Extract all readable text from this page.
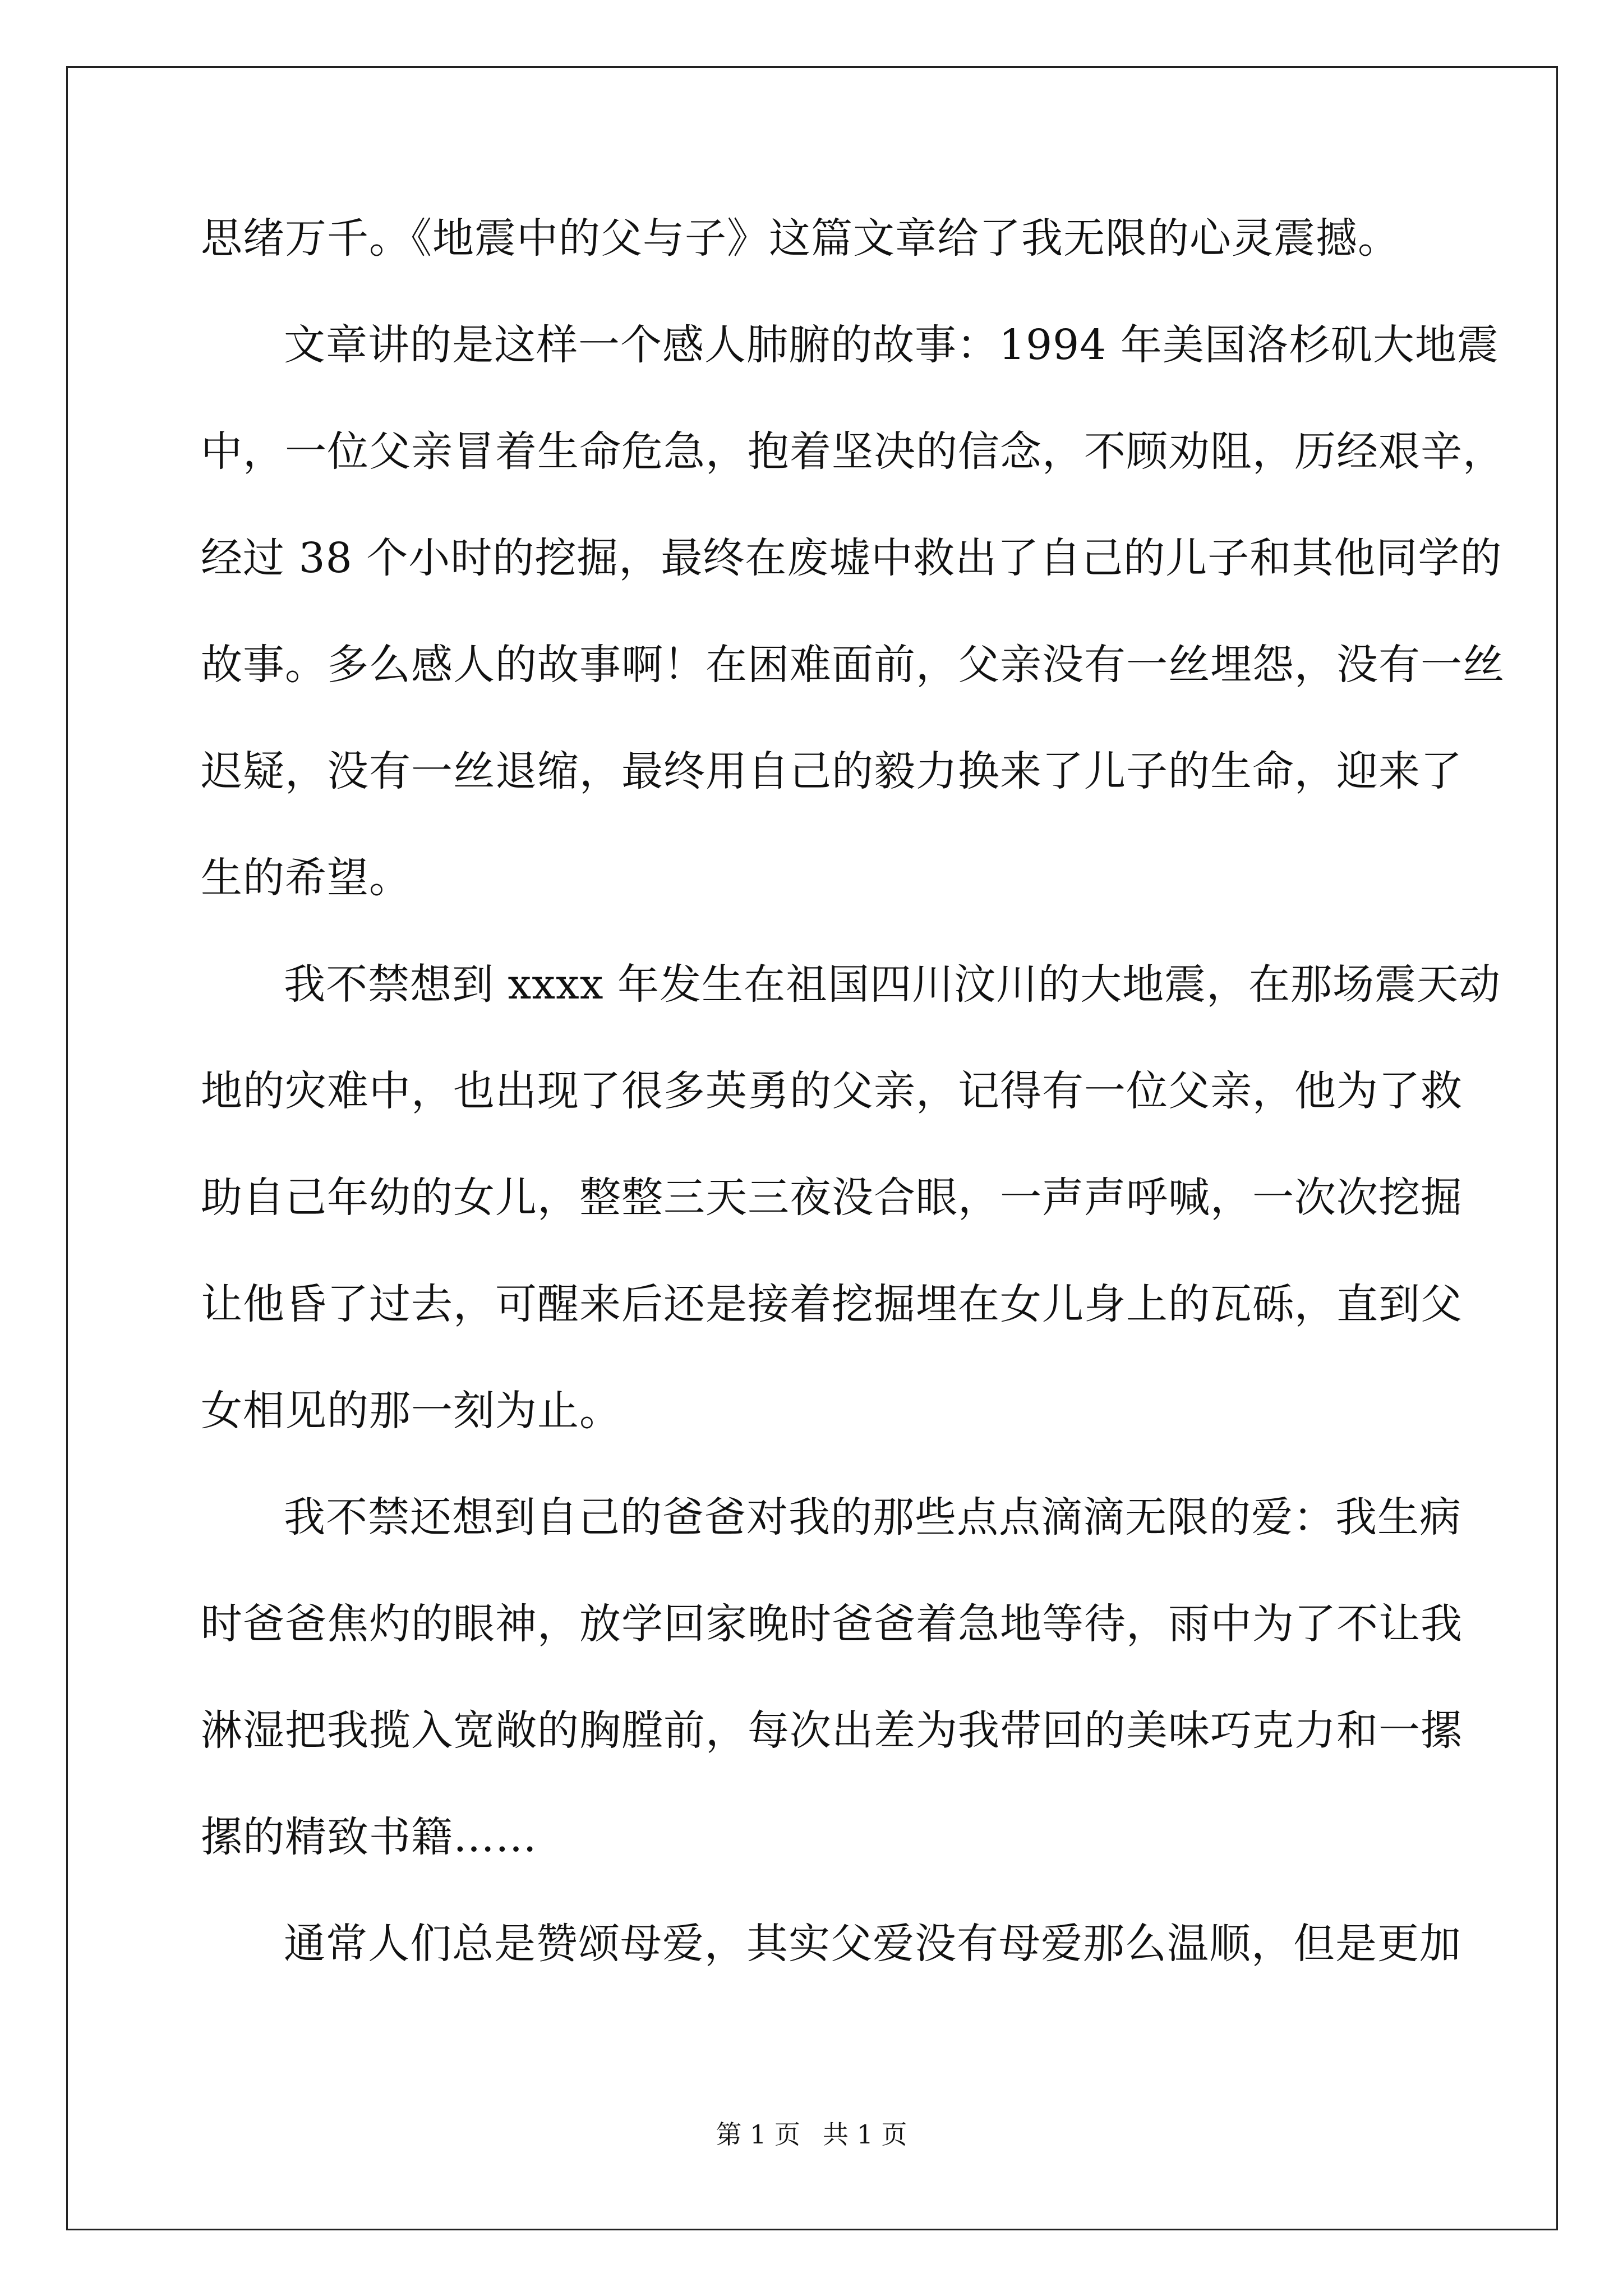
思绪万千。《地震中的父与子》这篇文章给了我无限的心灵震撼。
文章讲的是这样一个感人肺腑的故事：1994 年美国洛杉矶大地震
中，一位父亲冒着生命危急，抱着坚决的信念，不顾劝阻，历经艰辛，
经过 38 个小时的挖掘，最终在废墟中救出了自己的儿子和其他同学的
故事。多么感人的故事啊！在困难面前，父亲没有一丝埋怨，没有一丝
迟疑，没有一丝退缩，最终用自己的毅力换来了儿子的生命，迎来了
生的希望。
我不禁想到 xxxx 年发生在祖国四川汶川的大地震，在那场震天动
地的灾难中，也出现了很多英勇的父亲，记得有一位父亲，他为了救
助自己年幼的女儿，整整三天三夜没合眼，一声声呼喊，一次次挖掘
让他昏了过去，可醒来后还是接着挖掘埋在女儿身上的瓦砾，直到父
女相见的那一刻为止。
我不禁还想到自己的爸爸对我的那些点点滴滴无限的爱：我生病
时爸爸焦灼的眼神，放学回家晚时爸爸着急地等待，雨中为了不让我
淋湿把我揽入宽敞的胸膛前，每次出差为我带回的美味巧克力和一摞
摞的精致书籍……
通常人们总是赞颂母爱，其实父爱没有母爱那么温顺，但是更加
第 1 页 共 1 页
